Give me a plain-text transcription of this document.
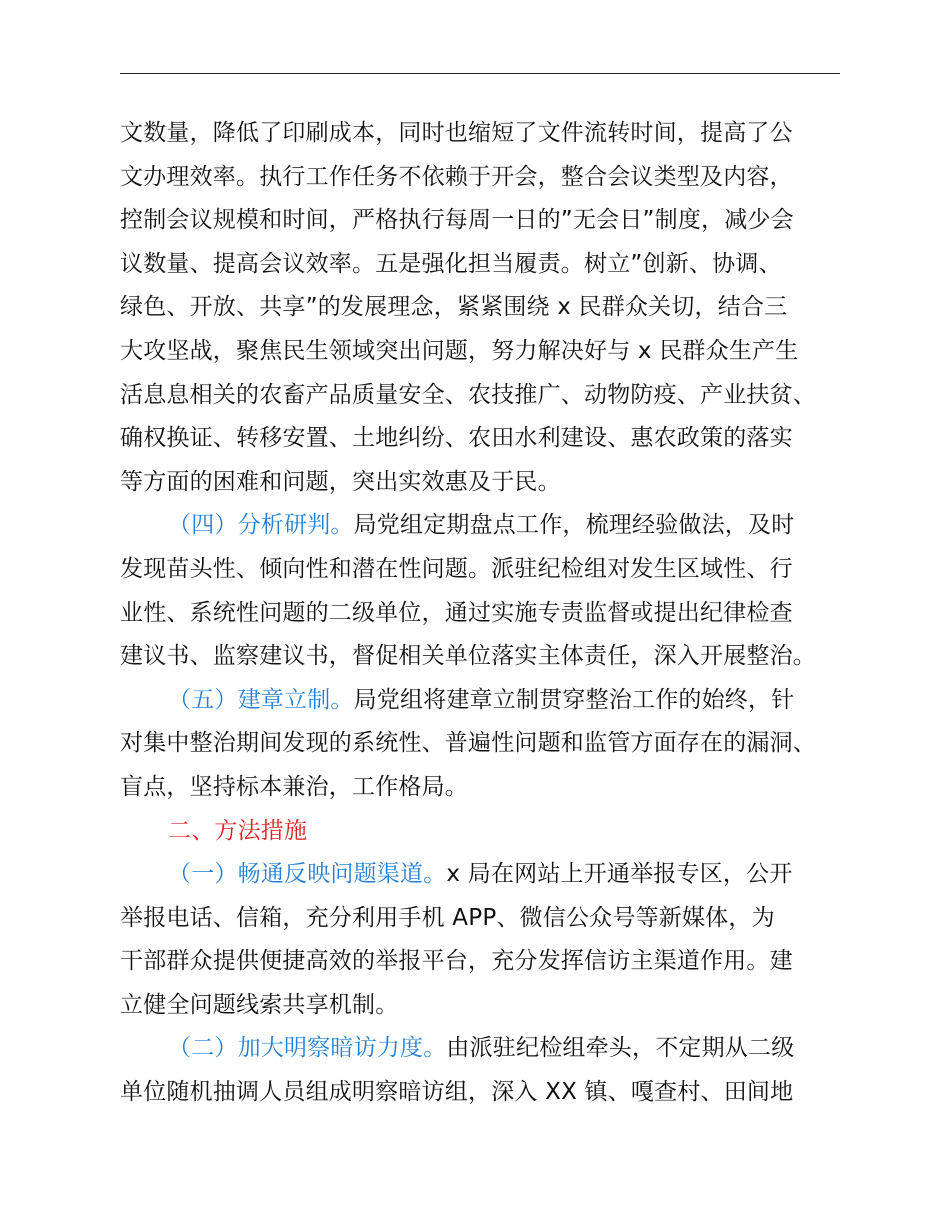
文数量，降低了印刷成本，同时也缩短了文件流转时间，提高了公
文办理效率。执行工作任务不依赖于开会，整合会议类型及内容，
控制会议规模和时间，严格执行每周一日的”无会日”制度，减少会
议数量、提高会议效率。五是强化担当履责。树立”创新、协调、
绿色、开放、共享”的发展理念，紧紧围绕 x 民群众关切，结合三
大攻坚战，聚焦民生领域突出问题，努力解决好与 x 民群众生产生
活息息相关的农畜产品质量安全、农技推广、动物防疫、产业扶贫、
确权换证、转移安置、土地纠纷、农田水利建设、惠农政策的落实
等方面的困难和问题，突出实效惠及于民。
（四）分析研判。局党组定期盘点工作，梳理经验做法，及时
发现苗头性、倾向性和潜在性问题。派驻纪检组对发生区域性、行
业性、系统性问题的二级单位，通过实施专责监督或提出纪律检查
建议书、监察建议书，督促相关单位落实主体责任，深入开展整治。
（五）建章立制。局党组将建章立制贯穿整治工作的始终，针
对集中整治期间发现的系统性、普遍性问题和监管方面存在的漏洞、
盲点，坚持标本兼治，工作格局。
二、方法措施
（一）畅通反映问题渠道。x 局在网站上开通举报专区，公开
举报电话、信箱，充分利用手机 APP、微信公众号等新媒体，为
干部群众提供便捷高效的举报平台，充分发挥信访主渠道作用。建
立健全问题线索共享机制。
（二）加大明察暗访力度。由派驻纪检组牵头，不定期从二级
单位随机抽调人员组成明察暗访组，深入 XX 镇、嘎查村、田间地
